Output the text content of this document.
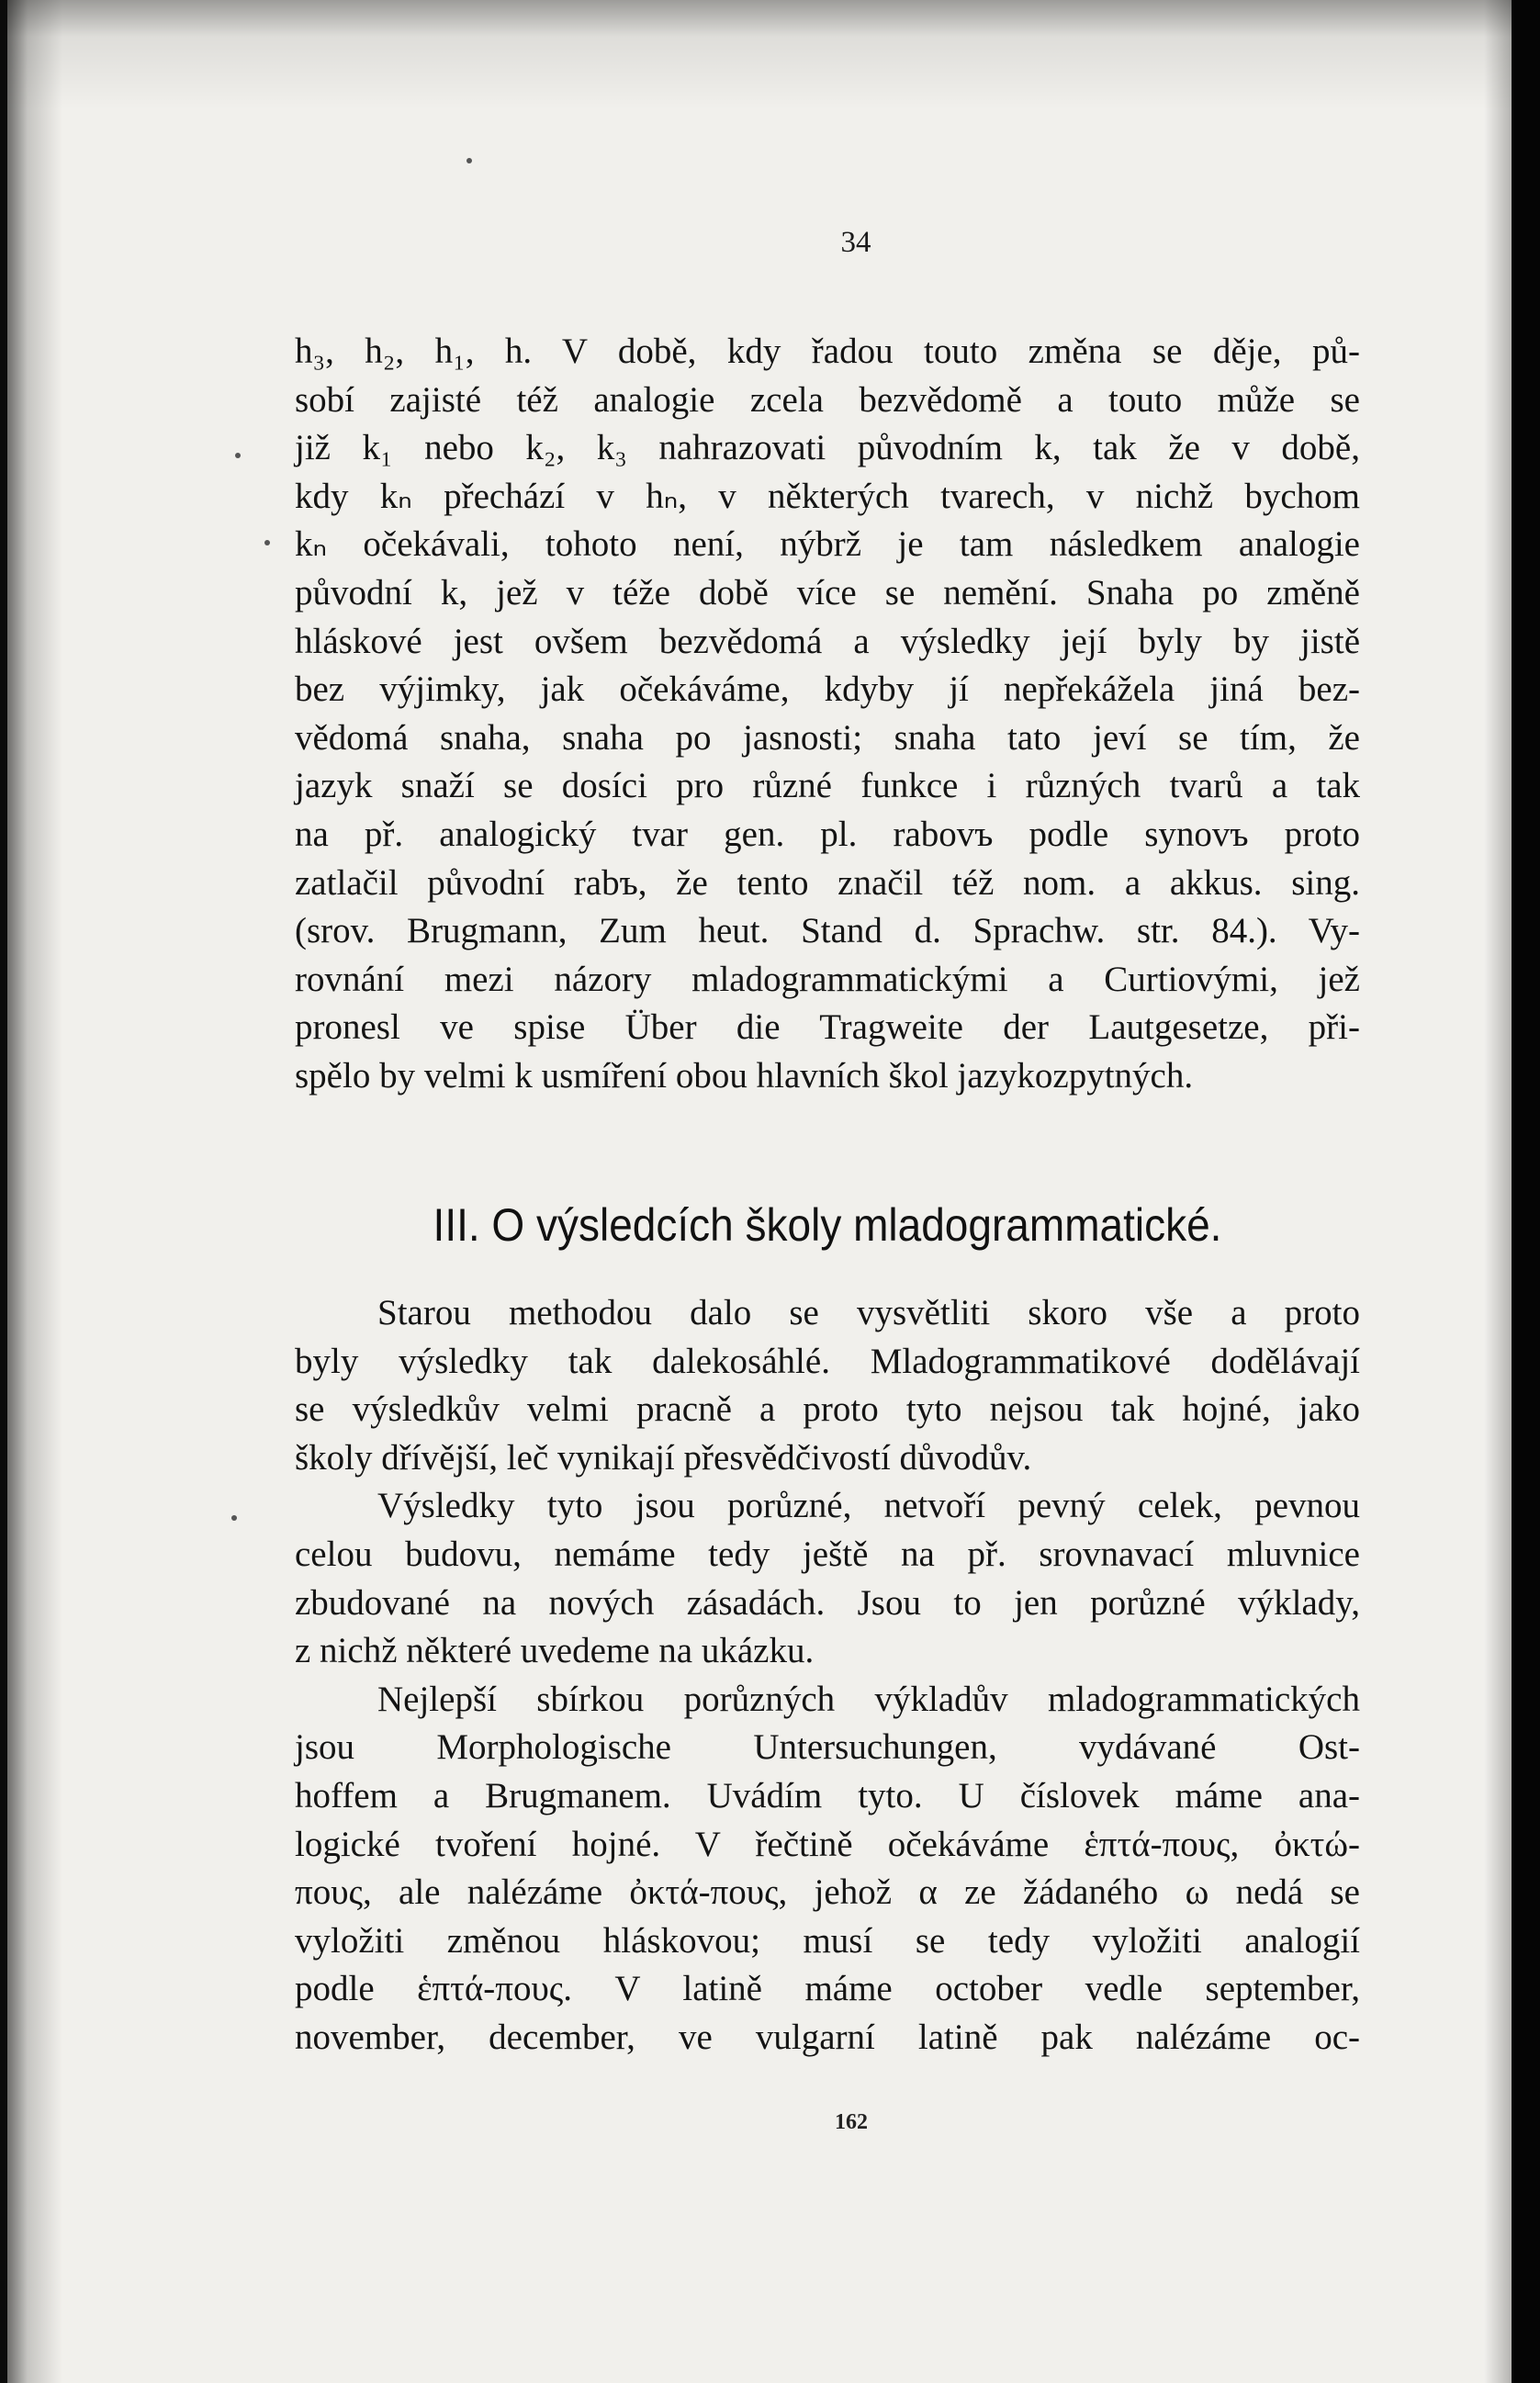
34
h₃, h₂, h₁, h. V době, kdy řadou touto změna se děje, pů-
sobí zajisté též analogie zcela bezvědomě a touto může se
již k₁ nebo k₂, k₃ nahrazovati původním k, tak že v době,
kdy kₙ přechází v hₙ, v některých tvarech, v nichž bychom
kₙ očekávali, tohoto není, nýbrž je tam následkem analogie
původní k, jež v téže době více se nemění. Snaha po změně
hláskové jest ovšem bezvědomá a výsledky její byly by jistě
bez výjimky, jak očekáváme, kdyby jí nepřekážela jiná bez-
vědomá snaha, snaha po jasnosti; snaha tato jeví se tím, že
jazyk snaží se dosíci pro různé funkce i různých tvarů a tak
na př. analogický tvar gen. pl. rabovъ podle synovъ proto
zatlačil původní rabъ, že tento značil též nom. a akkus. sing.
(srov. Brugmann, Zum heut. Stand d. Sprachw. str. 84.). Vy-
rovnání mezi názory mladogrammatickými a Curtiovými, jež
pronesl ve spise Über die Tragweite der Lautgesetze, při-
spělo by velmi k usmíření obou hlavních škol jazykozpytných.
III. O výsledcích školy mladogrammatické.
Starou methodou dalo se vysvětliti skoro vše a proto
byly výsledky tak dalekosáhlé. Mladogrammatikové dodělávají
se výsledkův velmi pracně a proto tyto nejsou tak hojné, jako
školy dřívější, leč vynikají přesvědčivostí důvodův.
Výsledky tyto jsou porůzné, netvoří pevný celek, pevnou
celou budovu, nemáme tedy ještě na př. srovnavací mluvnice
zbudované na nových zásadách. Jsou to jen porůzné výklady,
z nichž některé uvedeme na ukázku.
Nejlepší sbírkou porůzných výkladův mladogrammatických
jsou Morphologische Untersuchungen, vydávané Ost-
hoffem a Brugmanem. Uvádím tyto. U číslovek máme ana-
logické tvoření hojné. V řečtině očekáváme ἑπτά-πους, ὀκτώ-
πους, ale nalézáme ὀκτά-πους, jehož α ze žádaného ω nedá se
vyložiti změnou hláskovou; musí se tedy vyložiti analogií
podle ἑπτά-πους. V latině máme october vedle september,
november, december, ve vulgarní latině pak nalézáme oc-
162
